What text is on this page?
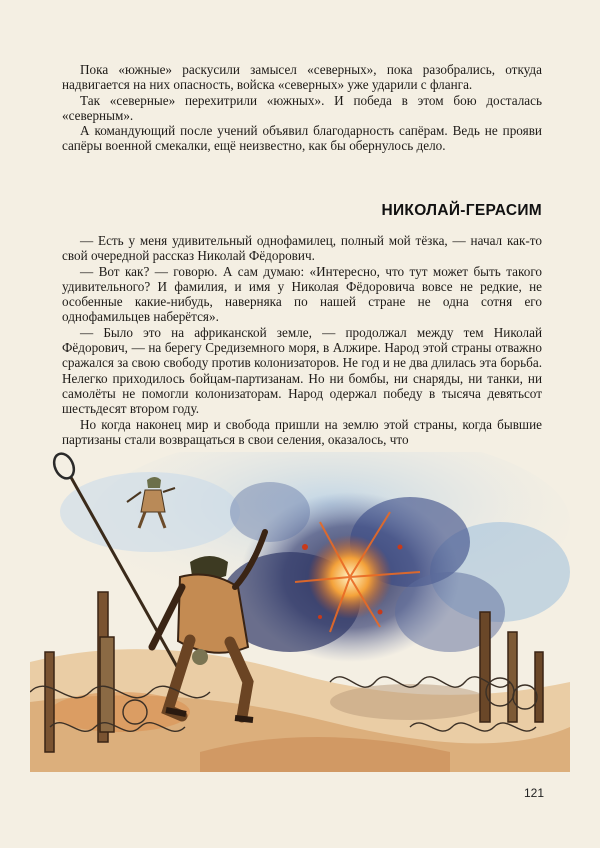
Пока «южные» раскусили замысел «северных», пока разобрались, откуда надвигается на них опасность, войска «северных» уже ударили с фланга.

Так «северные» перехитрили «южных». И победа в этом бою досталась «северным».

А командующий после учений объявил благодарность сапёрам. Ведь не прояви сапёры военной смекалки, ещё неизвестно, как бы обернулось дело.

НИКОЛАЙ-ГЕРАСИМ

— Есть у меня удивительный однофамилец, полный мой тёзка, — начал как-то свой очередной рассказ Николай Фёдорович.

— Вот как? — говорю. А сам думаю: «Интересно, что тут может быть такого удивительного? И фамилия, и имя у Николая Фёдоровича вовсе не редкие, не особенные какие-нибудь, наверняка по нашей стране не одна сотня его однофамильцев наберётся».

— Было это на африканской земле, — продолжал между тем Николай Фёдорович, — на берегу Средиземного моря, в Алжире. Народ этой страны отважно сражался за свою свободу против колонизаторов. Не год и не два длилась эта борьба. Нелегко приходилось бойцам-партизанам. Но ни бомбы, ни снаряды, ни танки, ни самолёты не помогли колонизаторам. Народ одержал победу в тысяча девятьсот шестьдесят втором году.

Но когда наконец мир и свобода пришли на землю этой страны, когда бывшие партизаны стали возвращаться в свои селения, оказалось, что

121
